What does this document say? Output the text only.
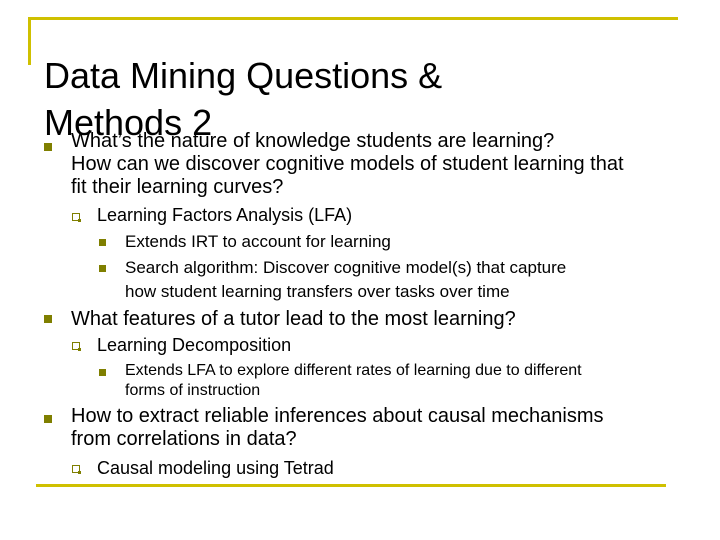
Data Mining Questions &
Methods 2
What’s the nature of knowledge students are learning?
How can we discover cognitive models of student learning that
fit their learning curves?
Learning Factors Analysis (LFA)
Extends IRT to account for learning
Search algorithm: Discover cognitive model(s) that capture
how student learning transfers over tasks over time
What features of a tutor lead to the most learning?
Learning Decomposition
Extends LFA to explore different rates of learning due to different
forms of instruction
How to extract reliable inferences about causal mechanisms
from correlations in data?
Causal modeling using Tetrad
